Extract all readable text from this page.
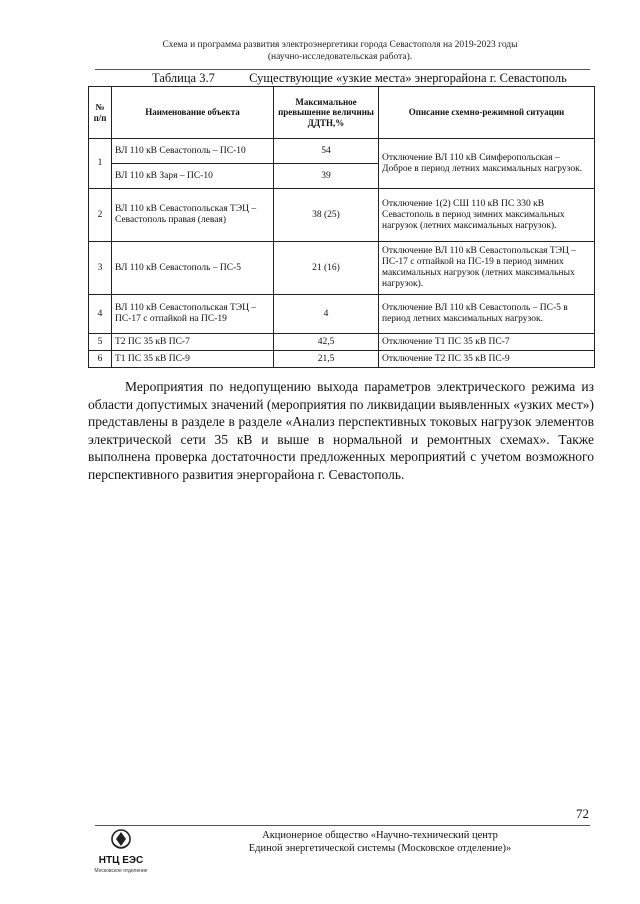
Схема и программа развития электроэнергетики города Севастополя на 2019-2023 годы
(научно-исследовательская работа).
Таблица 3.7	Существующие «узкие места» энергорайона г. Севастополь
№ п/п	Наименование объекта	Максимальное превышение величины ДДТН,%	Описание схемно-режимной ситуации
1	ВЛ 110 кВ Севастополь – ПС-10	54	Отключение ВЛ 110 кВ Симферопольская – Доброе в период летних максимальных нагрузок.
	ВЛ 110 кВ Заря – ПС-10	39	
2	ВЛ 110 кВ Севастопольская ТЭЦ – Севастополь правая (левая)	38 (25)	Отключение 1(2) СШ 110 кВ ПС 330 кВ Севастополь в период зимних максимальных нагрузок (летних максимальных нагрузок).
3	ВЛ 110 кВ Севастополь – ПС-5	21 (16)	Отключение ВЛ 110 кВ Севастопольская ТЭЦ – ПС-17 с отпайкой на ПС-19 в период зимних максимальных нагрузок (летних максимальных нагрузок).
4	ВЛ 110 кВ Севастопольская ТЭЦ – ПС-17 с отпайкой на ПС-19	4	Отключение ВЛ 110 кВ Севастополь – ПС-5 в период летних максимальных нагрузок.
5	Т2 ПС 35 кВ ПС-7	42,5	Отключение Т1 ПС 35 кВ ПС-7
6	Т1 ПС 35 кВ ПС-9	21,5	Отключение Т2 ПС 35 кВ ПС-9

Мероприятия по недопущению выхода параметров электрического режима из области допустимых значений (мероприятия по ликвидации выявленных «узких мест») представлены в разделе в разделе «Анализ перспективных токовых нагрузок элементов электрической сети 35 кВ и выше в нормальной и ремонтных схемах». Также выполнена проверка достаточности предложенных мероприятий с учетом возможного перспективного развития энергорайона г. Севастополь.

72
НТЦ ЕЭС
Московское отделение
Акционерное общество «Научно-технический центр
Единой энергетической системы (Московское отделение)»
